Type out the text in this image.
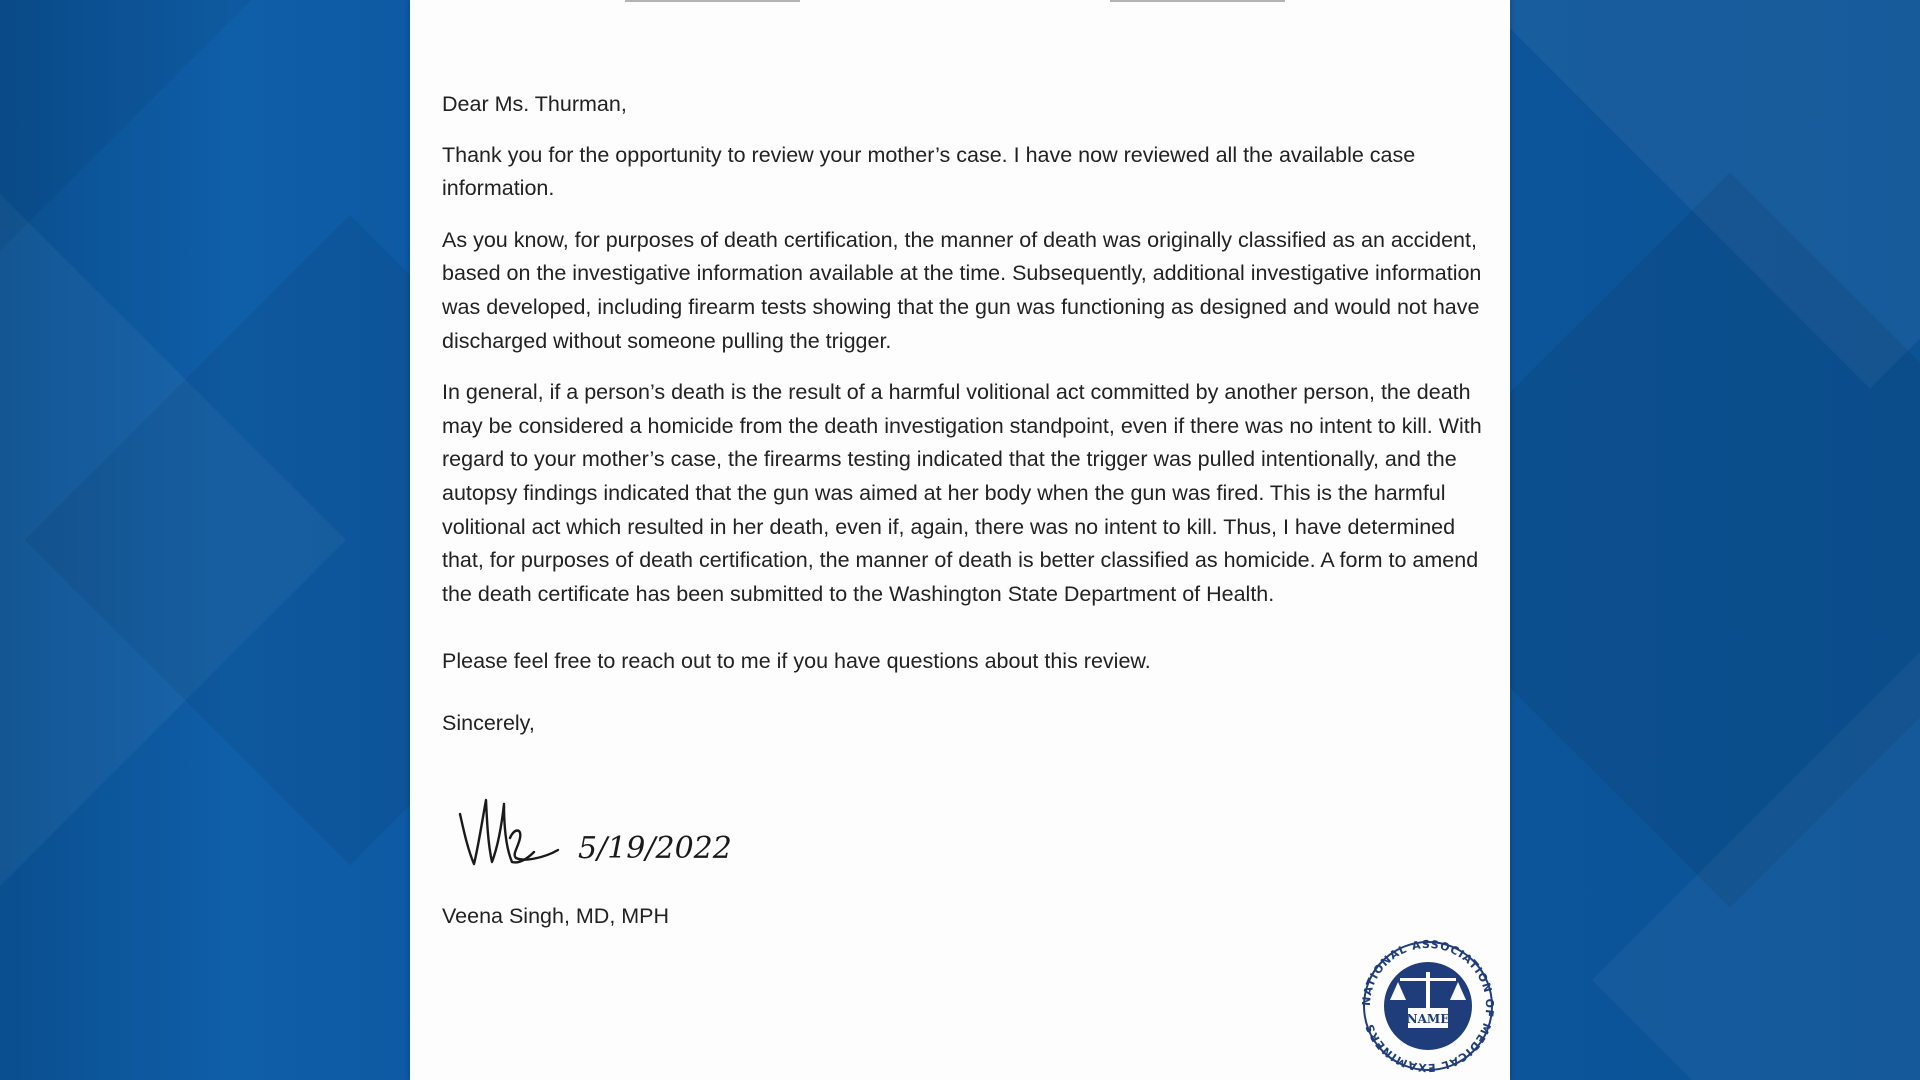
Dear Ms. Thurman,

Thank you for the opportunity to review your mother’s case. I have now reviewed all the available case information.

As you know, for purposes of death certification, the manner of death was originally classified as an accident, based on the investigative information available at the time. Subsequently, additional investigative information was developed, including firearm tests showing that the gun was functioning as designed and would not have discharged without someone pulling the trigger.

In general, if a person’s death is the result of a harmful volitional act committed by another person, the death may be considered a homicide from the death investigation standpoint, even if there was no intent to kill. With regard to your mother’s case, the firearms testing indicated that the trigger was pulled intentionally, and the autopsy findings indicated that the gun was aimed at her body when the gun was fired. This is the harmful volitional act which resulted in her death, even if, again, there was no intent to kill. Thus, I have determined that, for purposes of death certification, the manner of death is better classified as homicide. A form to amend the death certificate has been submitted to the Washington State Department of Health.

Please feel free to reach out to me if you have questions about this review.

Sincerely,

5/19/2022
Veena Singh, MD, MPH
NATIONAL ASSOCIATION OF MEDICAL EXAMINERS
NAME
